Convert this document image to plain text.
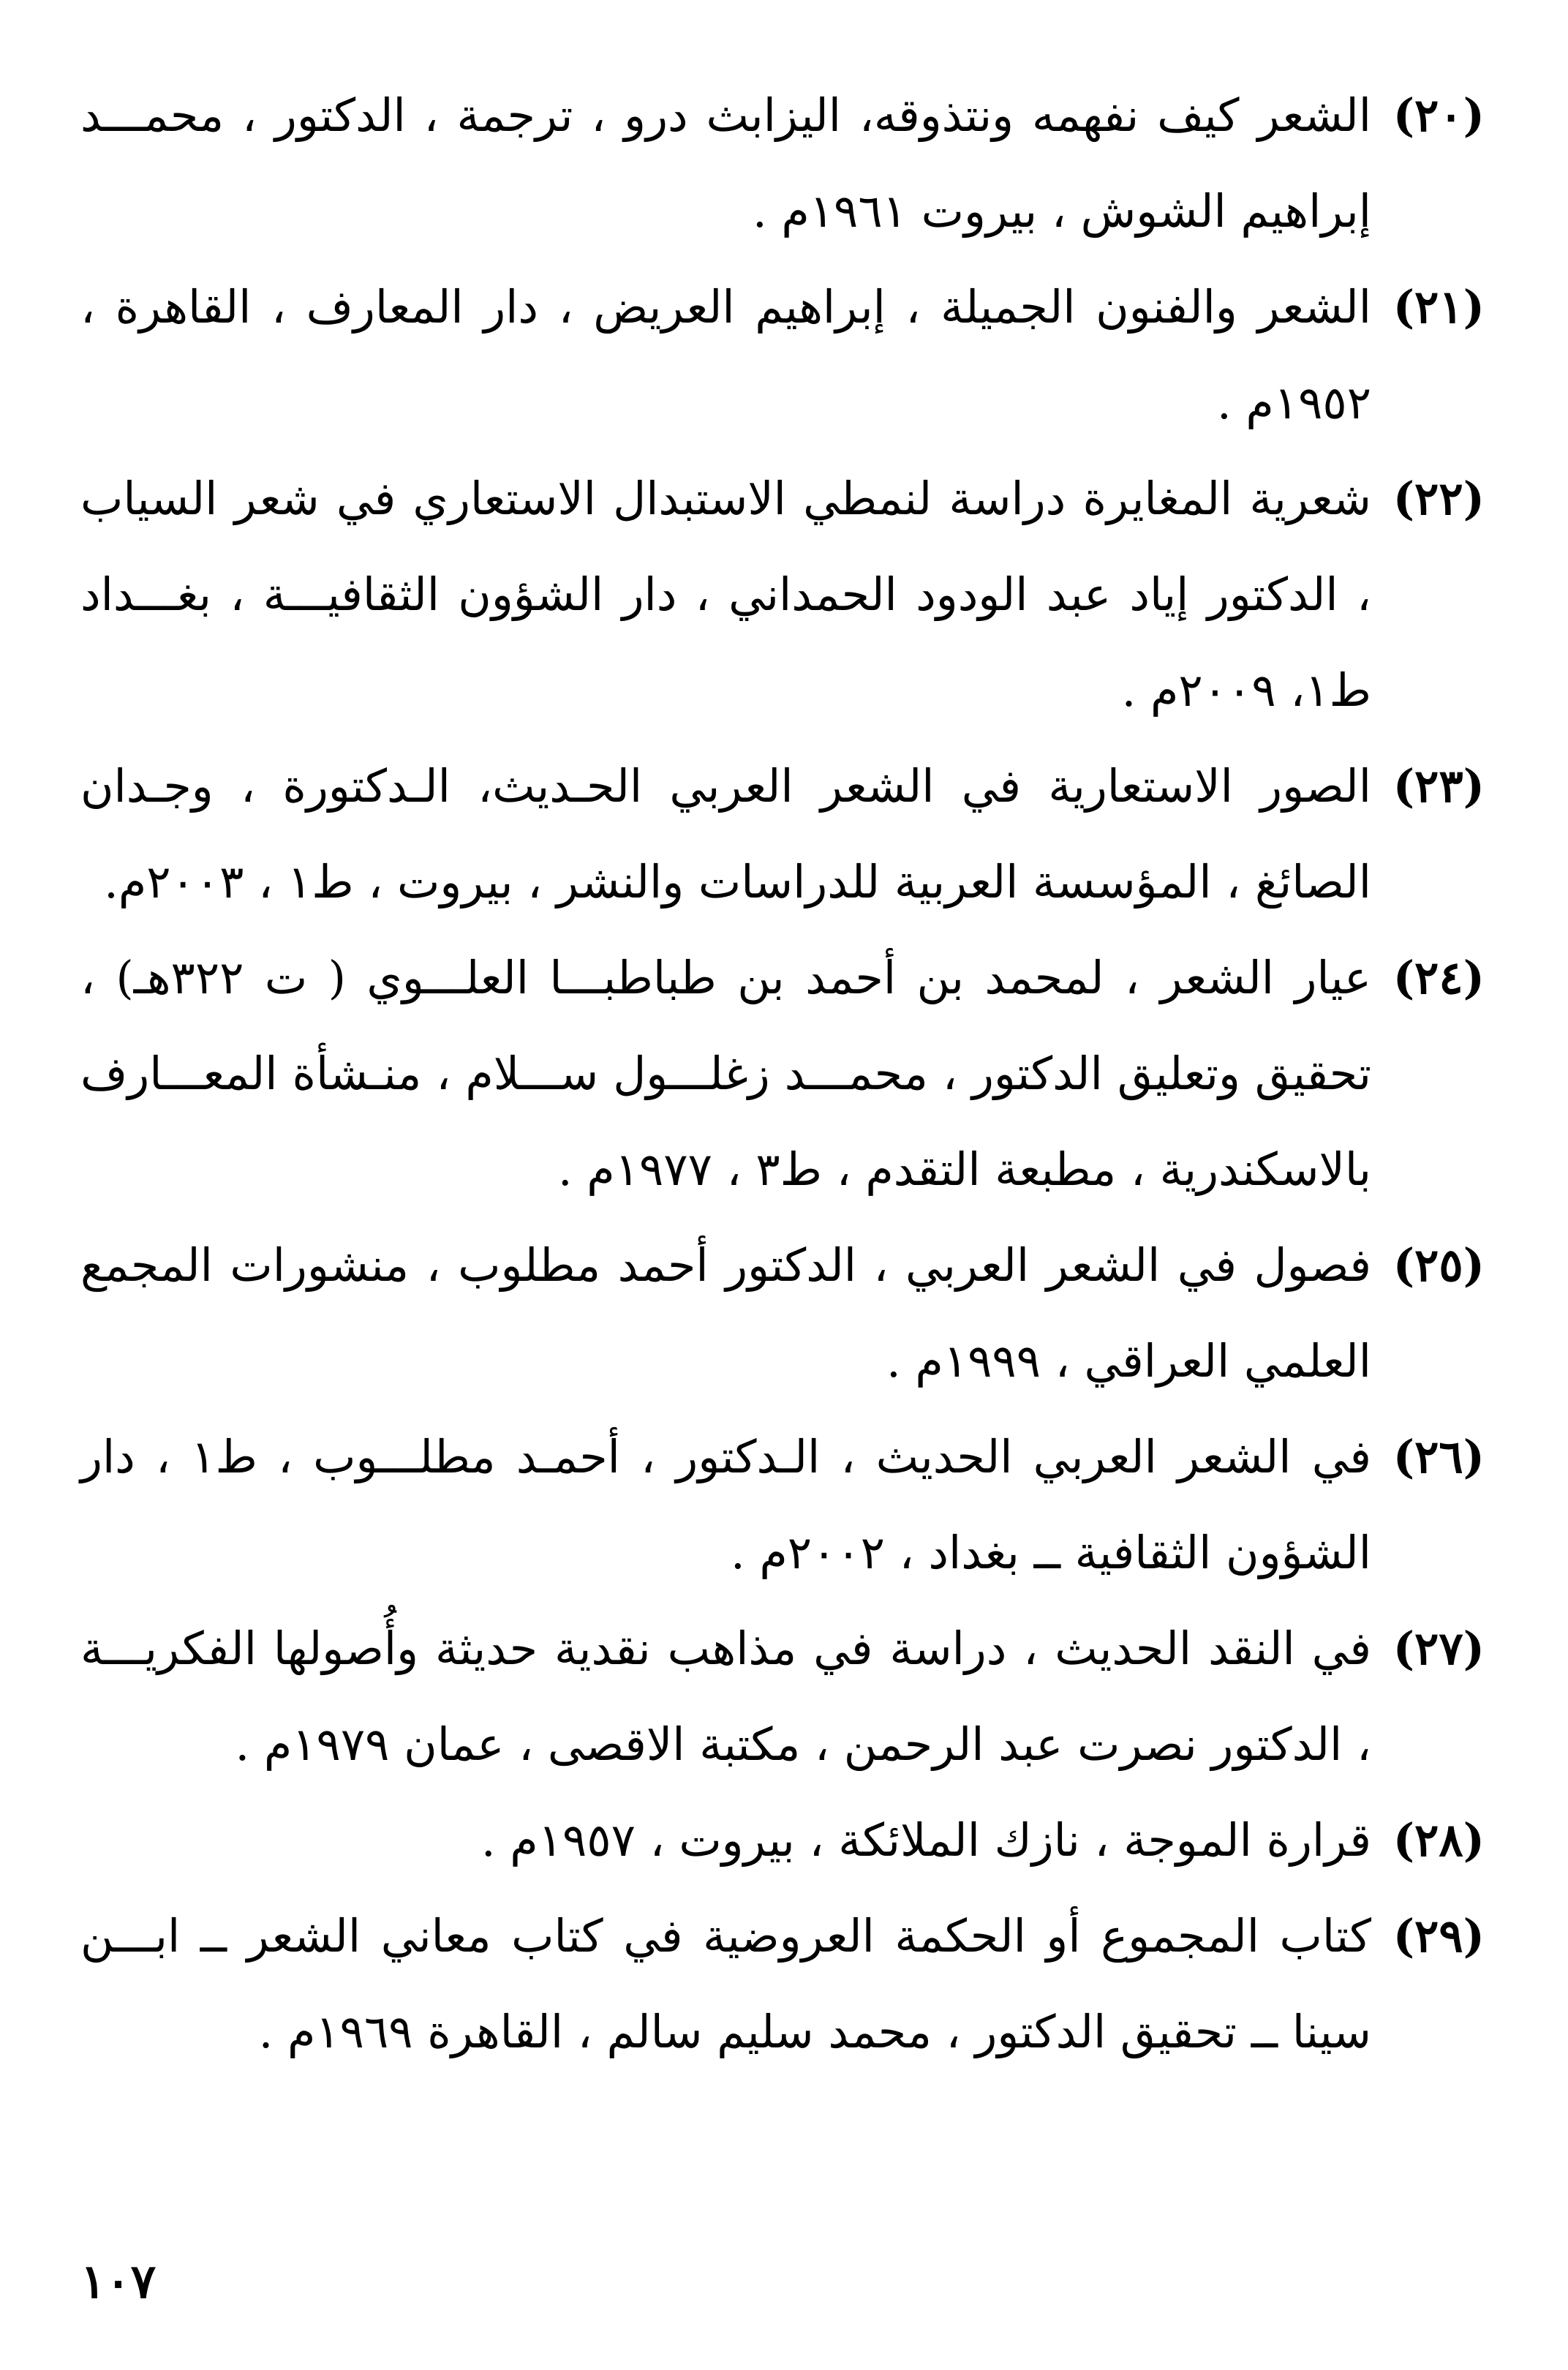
(٢٠)الشعر كيف نفهمه ونتذوقه، اليزابث درو ، ترجمة ، الدكتور ، محمـــد إبراهيم الشوش ، بيروت ١٩٦١م .

(٢١)الشعر والفنون الجميلة ، إبراهيم العريض ، دار المعارف ، القاهرة ، ١٩٥٢م .

(٢٢)شعرية المغايرة دراسة لنمطي الاستبدال الاستعاري في شعر السياب ، الدكتور إياد عبد الودود الحمداني ، دار الشؤون الثقافيـــة ، بغـــداد ط١، ٢٠٠٩م .

(٢٣)الصور الاستعارية في الشعر العربي الحـديث، الـدكتورة ، وجـدان الصائغ ، المؤسسة العربية للدراسات والنشر ، بيروت ، ط١ ، ٢٠٠٣م.

(٢٤)عيار الشعر ، لمحمد بن أحمد بن طباطبـــا العلـــوي ( ت ٣٢٢هـ) ، تحقيق وتعليق الدكتور ، محمـــد زغلـــول ســـلام ، منـشأة المعـــارف بالاسكندرية ، مطبعة التقدم ، ط٣ ، ١٩٧٧م .

(٢٥)فصول في الشعر العربي ، الدكتور أحمد مطلوب ، منشورات المجمع العلمي العراقي ، ١٩٩٩م .

(٢٦)في الشعر العربي الحديث ، الـدكتور ، أحمـد مطلـــوب ، ط١ ، دار الشؤون الثقافية ــ بغداد ، ٢٠٠٢م .

(٢٧)في النقد الحديث ، دراسة في مذاهب نقدية حديثة وأُصولها الفكريـــة ، الدكتور نصرت عبد الرحمن ، مكتبة الاقصى ، عمان ١٩٧٩م .

(٢٨)قرارة الموجة ، نازك الملائكة ، بيروت ، ١٩٥٧م .

(٢٩)كتاب المجموع أو الحكمة العروضية في كتاب معاني الشعر ــ ابـــن سينا ــ تحقيق الدكتور ، محمد سليم سالم ، القاهرة ١٩٦٩م .

١٠٧
